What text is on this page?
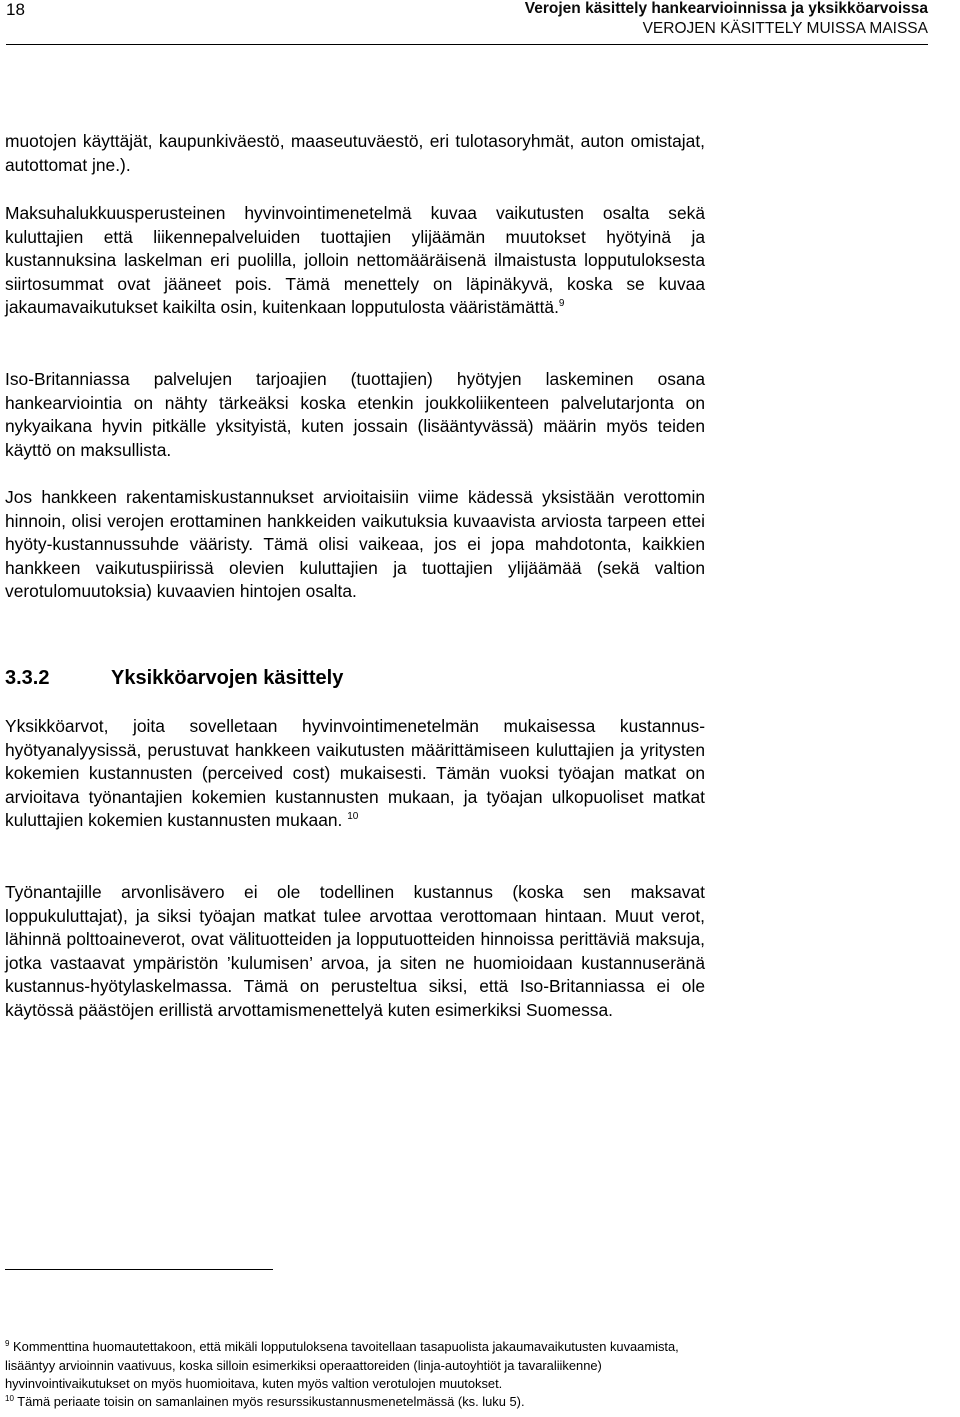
18	Verojen käsittely hankearvioinnissa ja yksikköarvoissa
VEROJEN KÄSITTELY MUISSA MAISSA

muotojen käyttäjät, kaupunkiväestö, maaseutuväestö, eri tulotasoryhmät, auton omistajat, autottomat jne.).

Maksuhalukkuusperusteinen hyvinvointimenetelmä kuvaa vaikutusten osalta sekä kuluttajien että liikennepalveluiden tuottajien ylijäämän muutokset hyötyinä ja kustannuksina laskelman eri puolilla, jolloin nettomääräisenä ilmaistusta lopputuloksesta siirtosummat ovat jääneet pois. Tämä menettely on läpinäkyvä, koska se kuvaa jakaumavaikutukset kaikilta osin, kuitenkaan lopputulosta vääristämättä.$^9$

Iso-Britanniassa palvelujen tarjoajien (tuottajien) hyötyjen laskeminen osana hankearviointia on nähty tärkeäksi koska etenkin joukkoliikenteen palvelutarjonta on nykyaikana hyvin pitkälle yksityistä, kuten jossain (lisääntyvässä) määrin myös teiden käyttö on maksullista.

Jos hankkeen rakentamiskustannukset arvioitaisiin viime kädessä yksistään verottomin hinnoin, olisi verojen erottaminen hankkeiden vaikutuksia kuvaavista arviosta tarpeen ettei hyöty-kustannussuhde vääristy. Tämä olisi vaikeaa, jos ei jopa mahdotonta, kaikkien hankkeen vaikutuspiirissä olevien kuluttajien ja tuottajien ylijäämää (sekä valtion verotulomuutoksia) kuvaavien hintojen osalta.

3.3.2	Yksikköarvojen käsittely

Yksikköarvot, joita sovelletaan hyvinvointimenetelmän mukaisessa kustannus-hyötyanalyysissä, perustuvat hankkeen vaikutusten määrittämiseen kuluttajien ja yritysten kokemien kustannusten (perceived cost) mukaisesti. Tämän vuoksi työajan matkat on arvioitava työnantajien kokemien kustannusten mukaan, ja työajan ulkopuoliset matkat kuluttajien kokemien kustannusten mukaan. $^{10}$

Työnantajille arvonlisävero ei ole todellinen kustannus (koska sen maksavat loppukuluttajat), ja siksi työajan matkat tulee arvottaa verottomaan hintaan. Muut verot, lähinnä polttoaineverot, ovat välituotteiden ja lopputuotteiden hinnoissa perittäviä maksuja, jotka vastaavat ympäristön ’kulumisen’ arvoa, ja siten ne huomioidaan kustannuseränä kustannus-hyötylaskelmassa. Tämä on perusteltua siksi, että Iso-Britanniassa ei ole käytössä päästöjen erillistä arvottamismenettelyä kuten esimerkiksi Suomessa.

$^9$ Kommenttina huomautettakoon, että mikäli lopputuloksena tavoitellaan tasapuolista jakaumavaikutusten kuvaamista, lisääntyy arvioinnin vaativuus, koska silloin esimerkiksi operaattoreiden (linja-autoyhtiöt ja tavaraliikenne) hyvinvointivaikutukset on myös huomioitava, kuten myös valtion verotulojen muutokset.

$^{10}$ Tämä periaate toisin on samanlainen myös resurssikustannusmenetelmässä (ks. luku 5).
